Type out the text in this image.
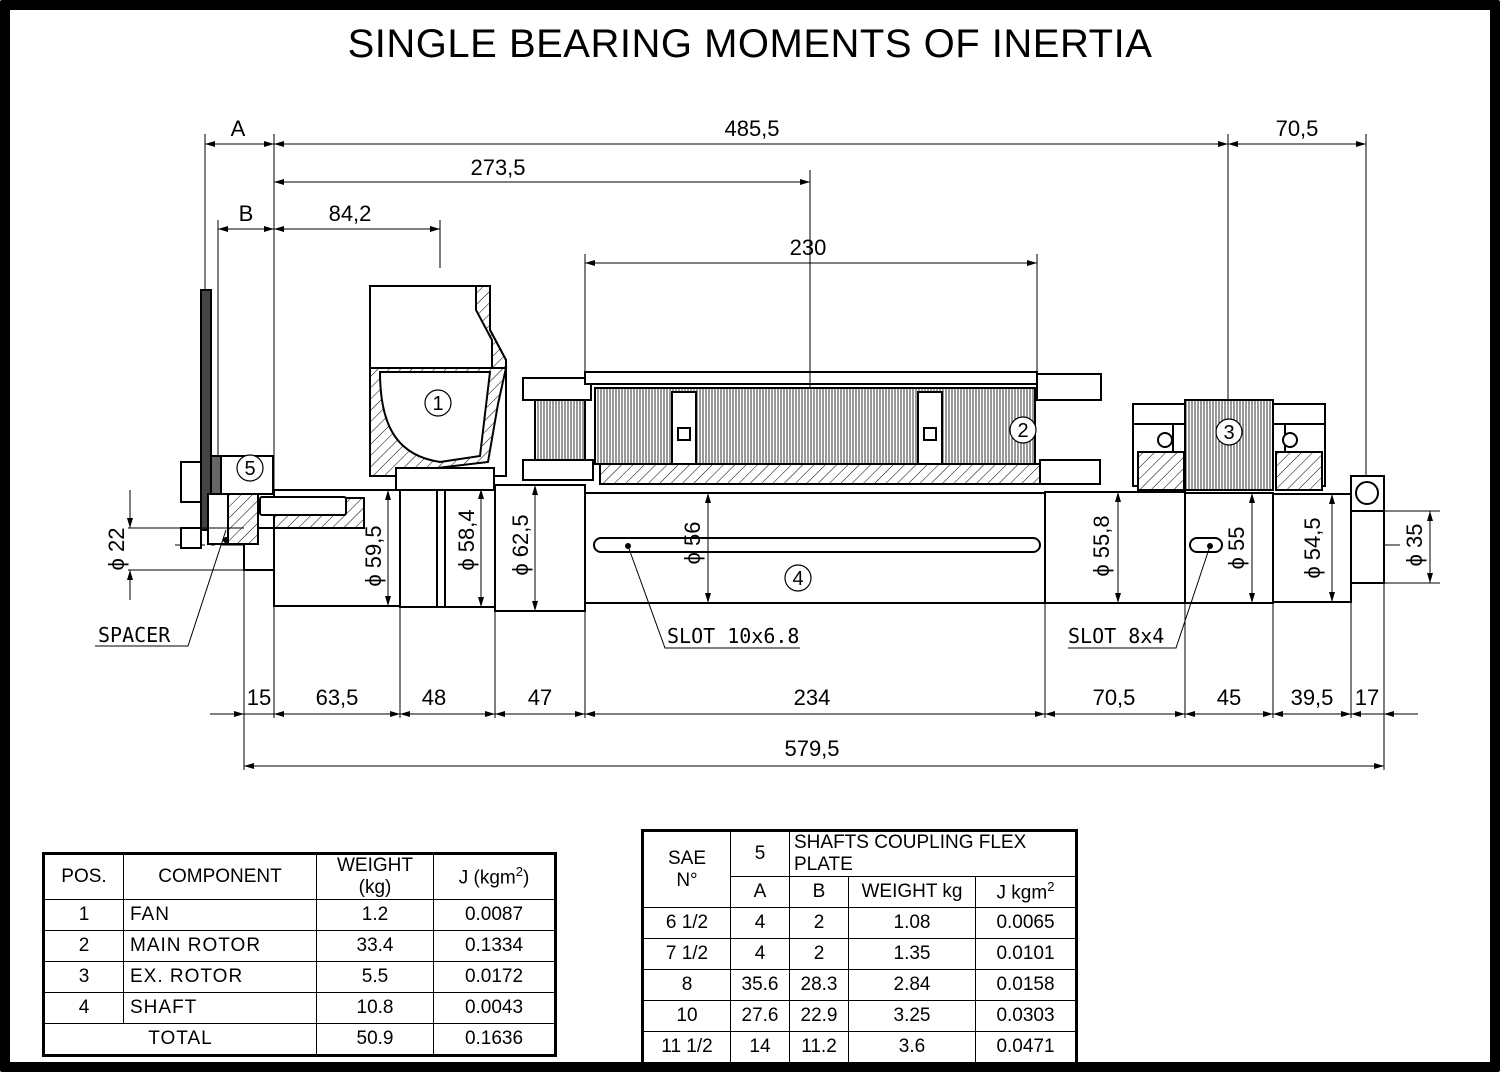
SINGLE BEARING MOMENTS OF INERTIA
1
2	3
4
5
A	485,5	70,5
273,5
B	84,2
230
15 63,5	48	47	234	70,5	45 39,5 17
579,5
ϕ 22	ϕ 59,5	ϕ 58,4 ϕ 62,5	ϕ 56	ϕ 55,8	ϕ 55 ϕ 54,5	ϕ 35
SPACER	SLOT 10x6.8	SLOT 8x4
POS.	COMPONENT	WEIGHT (kg)	J (kgm$^2$)
1	FAN	1.2	0.0087
2	MAIN ROTOR	33.4	0.1334
3	EX. ROTOR	5.5	0.0172
4	SHAFT	10.8	0.0043
TOTAL		50.9	0.1636
SAE
N°	5	SHAFTS COUPLING FLEX PLATE		
	A	B	WEIGHT kg	J kgm$^2$
6 1/2	4	2	1.08	0.0065
7 1/2	4	2	1.35	0.0101
8	35.6	28.3	2.84	0.0158
10	27.6	22.9	3.25	0.0303
11 1/2	14	11.2	3.6	0.0471
